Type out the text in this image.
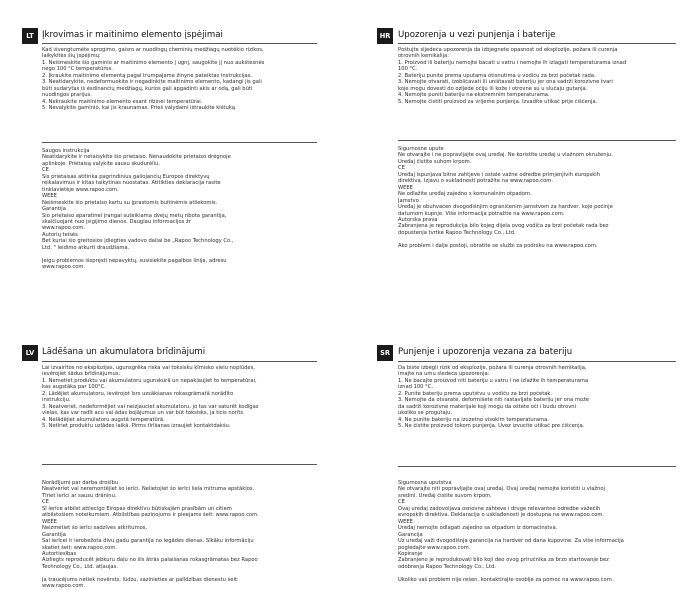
LT Įkrovimas ir maitinimo elemento įspėjimai
Kad išvengtumėte sprogimo, gaisro ar nuodingų cheminių medžiagų nuotėkio rizikos,
laikykitės šių įspėjimų:
1. Neišmeskite šio gaminio ar maitinimo elemento į ugnį, saugokite jį nuo aukštesnės
nego 100 °C temperatūros.
2. Įkraukite maitinimo elementą pagal trumpajame žinyne pateiktas instrukcijas.
3. Neatidarykite, nedeformuokite ir negadinkite maitinimo elemento, kadangi jis gali
būti sudarytas iš ėsdinančių medžiagų, kurios gali apgadinti akis ar odą, gali būti
nuodingos prarijus.
4. Nekraukite maitinimo elemento esant ribinei temperatūrai.
5. Nevalykite gaminio, kai jis kraunamas. Prieš valydami ištraukite kištuką.
Saugos instrukcija
Neatidarykite ir netaisykite šio prietaiso. Nenaudokite prietaiso drėgnoje
aplinkoje. Prietaisą valykite sausu skudurėliu.
CE
Šis prietaisas atitinka pagrindinius galiojančių Europos direktyvų
reikalavimus ir kitas taikytinas nuostatas. Atitikties deklaracija rasite
tinklavietėje www.rapoo.com.
WEEE
Neišmeskite šio prietaiso kartu su įprastomis buitinėmis atliekomis.
Garantija
Šio prietaiso aparatinei įrangai suteikiama dvejų metų ribota garantija,
skaičiuojant nuo įsigijimo dienos. Daugiau informacijos žr
www.rapoo.com.
Autorių teisės
Bet kuriai šio greitosios įdiegties vadovo daliai be „Rapoo Technology Co.,
Ltd. " leidimo atkurti draudžiama.
Jeigu problemos išspręsti nepavyktų, susisiekite pagalbos linija, adresu
www.rapoo.com.
HR Upozorenja u vezi punjenja i baterije
Poštujte sljedeća upozorenja da izbjegnete opasnost od eksplozije, požara ili curenja
otrovnih kemikalija:
1. Proizvod ili bateriju nemojte bacati u vatru i nemojte ih izlagati temperaturama iznad
100 °C.
2. Bateriju punite prema uputama otisnutima u vodiču za brzi početak rada.
3. Nemojte otvarati, izobličavati ili uništavati bateriju jer ona sadrži korozivne tvari
koje mogu dovesti do ozljede očiju ili kože i otrovne su u slučaju gutanja.
4. Nemojte puniti bateriju na ekstremnim temperaturama.
5. Nemojte čistiti proizvod za vrijeme punjenja. Izvadite utikač prije čišćenja.
Sigurnosne upute
Ne otvarajte i ne popravljajte ovaj uređaj. Ne koristite uređaj u vlažnom okruženju.
Uređaj čistite suhom krpom.
CE
Uređaj ispunjava bitne zahtjeve i ostale važne odredbe primjenjivih europskih
direktiva. Izjavu o sukladnosti potražite na www.rapoo.com.
WEEE
Ne odlažite uređaj zajedno s komunalnim otpadom.
Jamstvo
Uređaj je obuhvaćen dvogodišnjim ograničenim jamstvom za hardver, koje počinje
datumom kupnje. Više informacija potražite na www.rapoo.com.
Autorska prava
Zabranjena je reprodukcija bilo kojeg dijela ovog vodiča za brzi početak rada bez
dopuštenja tvrtke Rapoo Technology Co., Ltd.
Ako problem i dalje postoji, obratite se službi za podršku na www.rapoo.com.
LV Lādēšana un akumulatora brīdinājumi
Lai izvairītos no eksplozijas, ugunsgrēka riska vai toksisku ķīmisko vielu noplūdes,
ievērojiet šādus brīdinājumus:
1. Nemetiet produktu vai akumulatoru ugunskurā un nepakļaujiet to temperatūrai,
kas augstāka par 100°C.
2. Lādējiet akumulatoru, ievērojot īsrs uzsākšanas rokasgrāmatā norādīto
instrukciju.
3. Neatveriet, nedeformējiet vai neizjauciet akumulatoru, jo tas var saturēt kodīgas
vielas, kas var radīt acu vai ādas bojājumus un var būt toksisks, ja ticis norīts.
4. Nelādējiet akumulatoru augstā temperatūrā.
5. Netīriet produktu uzlādes laikā. Pirms tīrīšanas izraujiet kontaktdakšu.
Norādījumi par darba drošību
Neatveriet vai neremontējiet šo ierīci. Nelietojiet šo ierīci liela mitruma apstākļos.
Tīriet ierīci ar sausu drāniņu.
CE
Šī ierīce atbilst attiecīgo Eiropas direktīvu būtiskajām prasībām un citiem
atbilstošiem noteikumiem. Atbilstības paziņojums ir pieejams šeit: www.rapoo.com.
WEEE
Neizmetiet šo ierīci sadzīves atkritumos.
Garantija
Šai ierīcei ir ierobežota divu gadu garantija no iegādes dienas. Sīkāku informāciju
skatiet šeit: www.rapoo.com.
Autortiesības
Aizliegts reproducēt jebkuru daļu no šīs ātrās palaišanas rokasgrāmatas bez Rapoo
Technology Co., Ltd. atļaujas.
Ja traucējums netiek novērsts, lūdzu, sazinieties ar palīdzības dienestu šeit:
www.rapoo.com.
SR Punjenje i upozorenja vezana za bateriju
Da biste izbegli rizik od eksplozije, požara ili curenja otrovnih hemikalija,
imajte na umu sledeća upozorenja:
1. Ne bacajte proizvod niti bateriju u vatru i ne izlažite ih temperaturama
iznad 100 °C.
2. Punite bateriju prema uputstvu u vodiču za brzi početak.
3. Nemojte da otvarate, deformišete niti rastavljate bateriju jer ona može
da sadrži korozivne materijale koji mogu da oštete oči i budu otrovni
ukoliko se progutaju.
4. Ne punite bateriju na izuzetno visokim temperaturama.
5. Ne čistite proizvod tokom punjenja. Uvez izvucite utikač pre čišćenja.
Sigurnosna uputstva
Ne otvarajte niti popravljajte ovaj uređaj. Ovaj uređaj nemojte koristiti u vlažnoj
sredini. Uređaj čistite suvom krpom.
CE
Ovaj uređaj zadovoljava osnovne zahteve i druge relevantne odredbe važećih
evropskih direktiva. Deklaracija o usklađenosti je dostupna na www.rapoo.com.
WEEE
Uređaj nemojte odlagati zajedno sa otpadom iz domaćinstva.
Garancija
Uz uređaj važi dvogodišnja garancija na hardver od dana kupovine. Za više informacija
pogledajte www.rapoo.com.
Kopiranje
Zabranjeno je reprodukovati bilo koji deo ovog priručnika za brzo startovanje bez
odobrenja Rapoo Technology Co., Ltd.
Ukoliko vaš problem nije rešen, kontaktirajte osoblje za pomoć na www.rapoo.com.
